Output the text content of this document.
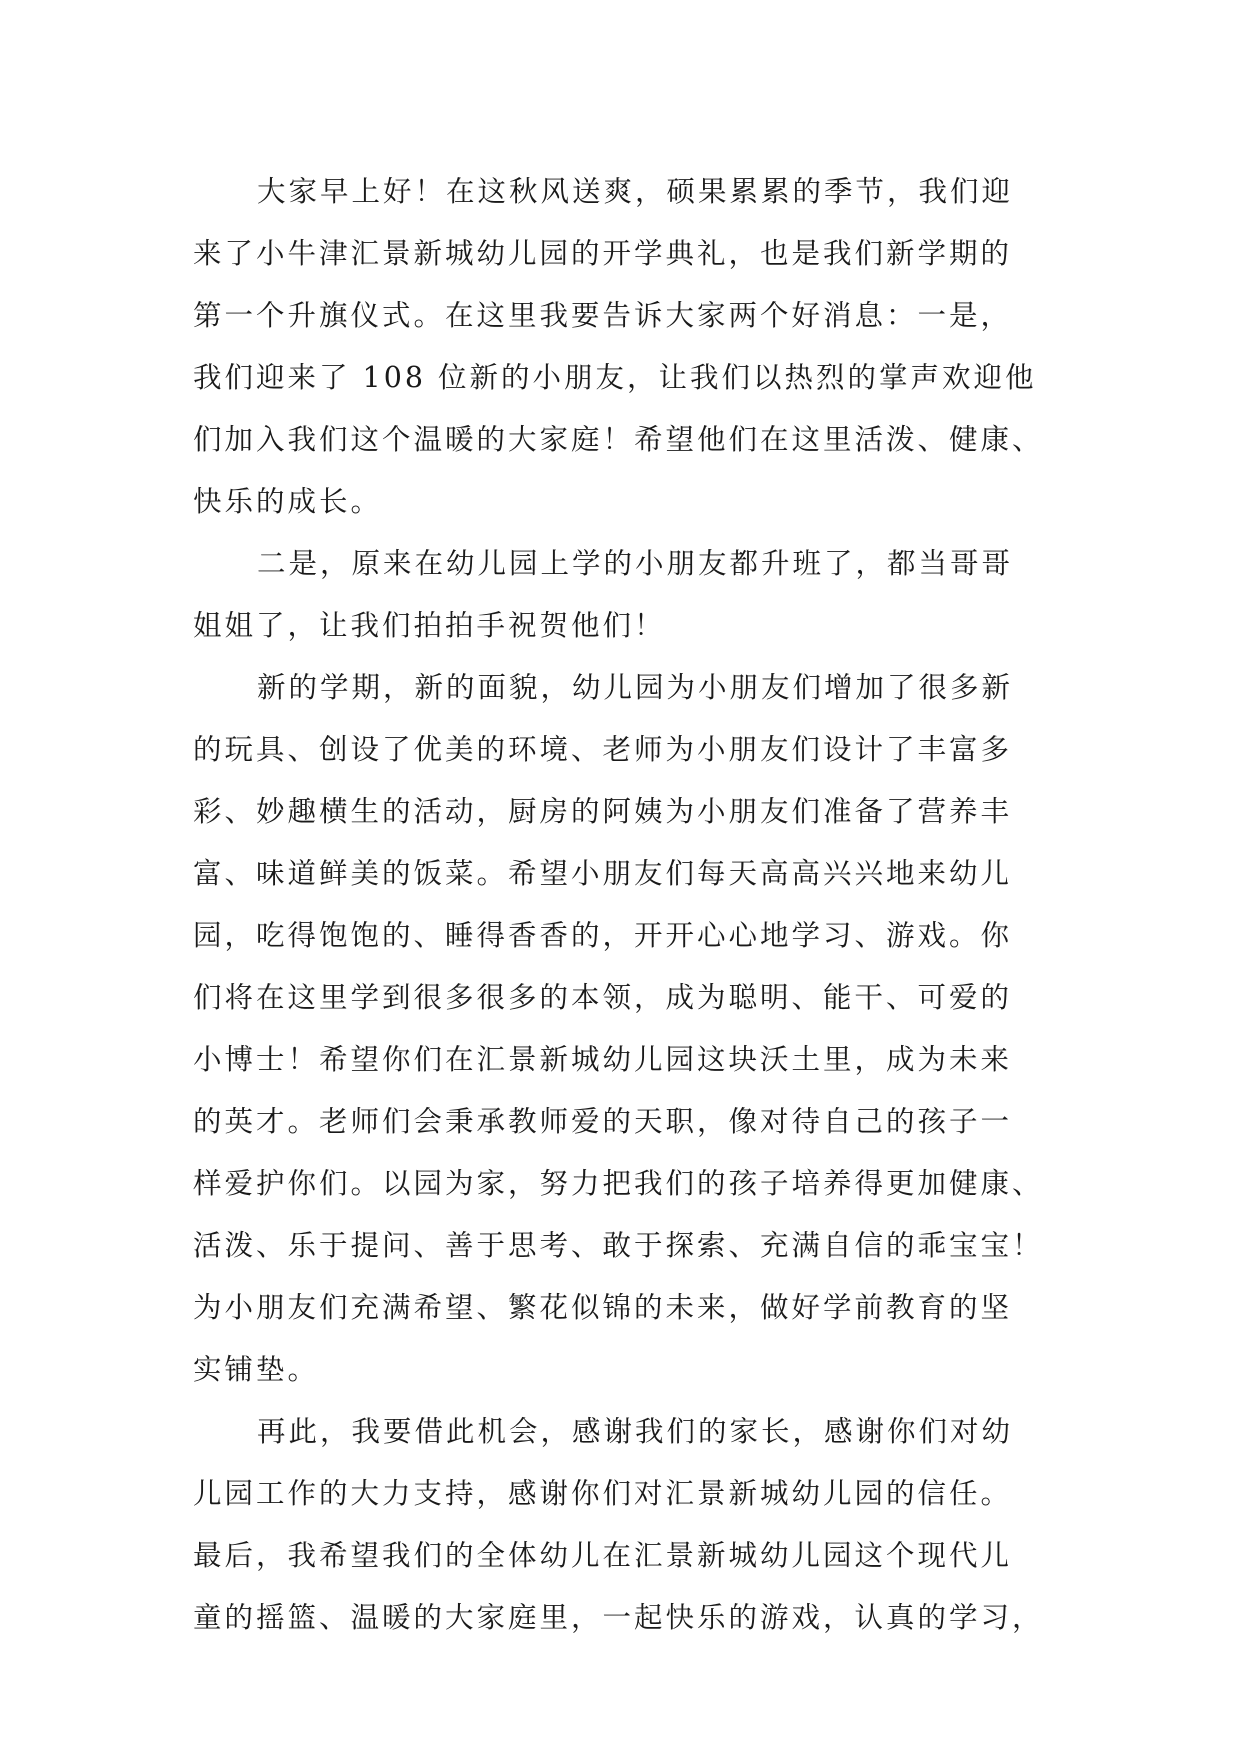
大家早上好！在这秋风送爽，硕果累累的季节，我们迎
来了小牛津汇景新城幼儿园的开学典礼，也是我们新学期的
第一个升旗仪式。在这里我要告诉大家两个好消息：一是，
我们迎来了 108 位新的小朋友，让我们以热烈的掌声欢迎他
们加入我们这个温暖的大家庭！希望他们在这里活泼、健康、
快乐的成长。
二是，原来在幼儿园上学的小朋友都升班了，都当哥哥
姐姐了，让我们拍拍手祝贺他们！
新的学期，新的面貌，幼儿园为小朋友们增加了很多新
的玩具、创设了优美的环境、老师为小朋友们设计了丰富多
彩、妙趣横生的活动，厨房的阿姨为小朋友们准备了营养丰
富、味道鲜美的饭菜。希望小朋友们每天高高兴兴地来幼儿
园，吃得饱饱的、睡得香香的，开开心心地学习、游戏。你
们将在这里学到很多很多的本领，成为聪明、能干、可爱的
小博士！希望你们在汇景新城幼儿园这块沃土里，成为未来
的英才。老师们会秉承教师爱的天职，像对待自己的孩子一
样爱护你们。以园为家，努力把我们的孩子培养得更加健康、
活泼、乐于提问、善于思考、敢于探索、充满自信的乖宝宝！
为小朋友们充满希望、繁花似锦的未来，做好学前教育的坚
实铺垫。
再此，我要借此机会，感谢我们的家长，感谢你们对幼
儿园工作的大力支持，感谢你们对汇景新城幼儿园的信任。
最后，我希望我们的全体幼儿在汇景新城幼儿园这个现代儿
童的摇篮、温暖的大家庭里，一起快乐的游戏，认真的学习，
